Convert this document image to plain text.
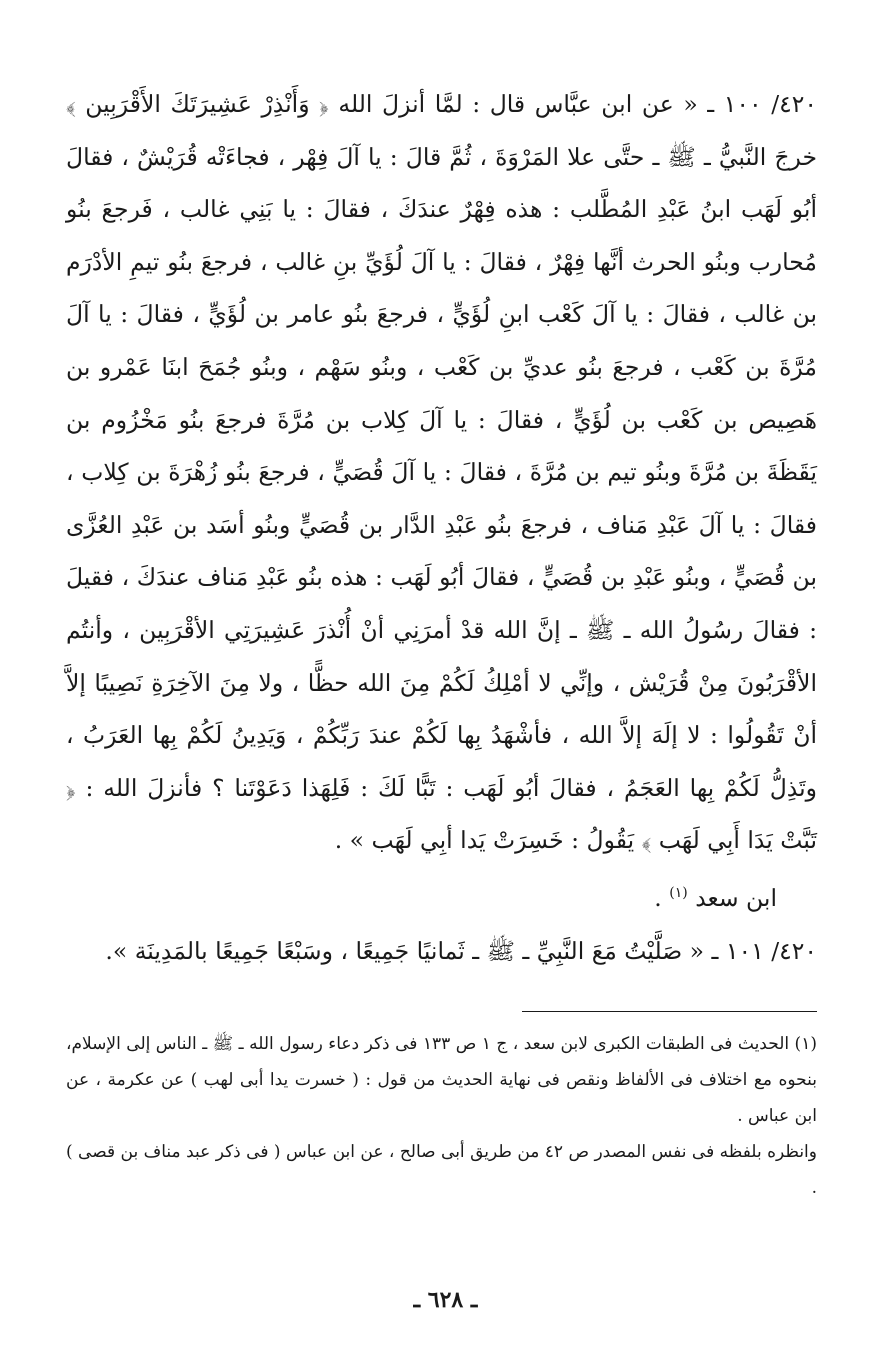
٤٢٠/ ١٠٠ ـ « عن ابن عبَّاس قال : لمَّا أنزلَ الله ﴿ وَأَنْذِرْ عَشِيرَتَكَ الأَقْرَبِين ﴾ خرجَ النَّبيُّ ـ ﷺ ـ حتَّى علا المَرْوَةَ ، ثُمَّ قالَ : يا آلَ فِهْر ، فجاءَتْه قُرَيْشٌ ، فقالَ أبُو لَهَب ابنُ عَبْدِ المُطَّلب : هذه فِهْرٌ عندَكَ ، فقالَ : يا بَنِي غالب ، فَرجعَ بنُو مُحارب وبنُو الحرث أنَّها فِهْرٌ ، فقالَ : يا آلَ لُؤَيِّ بنِ غالب ، فرجعَ بنُو تيمِ الأدْرَم بن غالب ، فقالَ : يا آلَ كَعْب ابنِ لُؤَيٍّ ، فرجعَ بنُو عامر بن لُؤَيٍّ ، فقالَ : يا آلَ مُرَّةَ بن كَعْب ، فرجعَ بنُو عديِّ بن كَعْب ، وبنُو سَهْم ، وبنُو جُمَحَ ابنَا عَمْرو بن هَصِيص بن كَعْب بن لُؤَيٍّ ، فقالَ : يا آلَ كِلاب بن مُرَّةَ فرجعَ بنُو مَخْزُوم بن يَقَظَةَ بن مُرَّةَ وبنُو تيم بن مُرَّةَ ، فقالَ : يا آلَ قُصَيٍّ ، فرجعَ بنُو زُهْرَةَ بن كِلاب ، فقالَ : يا آلَ عَبْدِ مَناف ، فرجعَ بنُو عَبْدِ الدَّار بن قُصَيٍّ وبنُو أسَد بن عَبْدِ العُزَّى بن قُصَيٍّ ، وبنُو عَبْدِ بن قُصَيٍّ ، فقالَ أبُو لَهَب : هذه بنُو عَبْدِ مَناف عندَكَ ، فقيلَ : فقالَ رسُولُ الله ـ ﷺ ـ إنَّ الله قدْ أمرَنِي أنْ أُنْذرَ عَشِيرَتِي الأقْرَبِين ، وأنتُم الأقْرَبُونَ مِنْ قُرَيْش ، وإنِّي لا أمْلِكُ لَكُمْ مِنَ الله حظًّا ، ولا مِنَ الآخِرَةِ نَصِيبًا إلاَّ أنْ تَقُولُوا : لا إلَهَ إلاَّ الله ، فأشْهَدُ بِها لَكُمْ عندَ رَبِّكُمْ ، وَيَدِينُ لَكُمْ بِها العَرَبُ ، وتَذِلُّ لَكُمْ بِها العَجَمُ ، فقالَ أبُو لَهَب : تَبًّا لَكَ : فَلِهَذا دَعَوْتَنا ؟ فأنزلَ الله : ﴿ تَبَّتْ يَدَا أَبِي لَهَب ﴾ يَقُولُ : خَسِرَتْ يَدا أبِي لَهَب » .

ابن سعد $^{(١)}$ .

٤٢٠/ ١٠١ ـ « صَلَّيْتُ مَعَ النَّبِيِّ ـ ﷺ ـ ثَمانيًا جَمِيعًا ، وسَبْعًا جَمِيعًا بالمَدِينَة ».

(١) الحديث فى الطبقات الكبرى لابن سعد ، ج ١ ص ١٣٣ فى ذكر دعاء رسول الله ـ ﷺ ـ الناس إلى الإسلام، بنحوه مع اختلاف فى الألفاظ ونقص فى نهاية الحديث من قول : ( خسرت يدا أبى لهب ) عن عكرمة ، عن ابن عباس .

وانظره بلفظه فى نفس المصدر ص ٤٢ من طريق أبى صالح ، عن ابن عباس ( فى ذكر عبد مناف بن قصى ) .

ـ ٦٢٨ ـ
